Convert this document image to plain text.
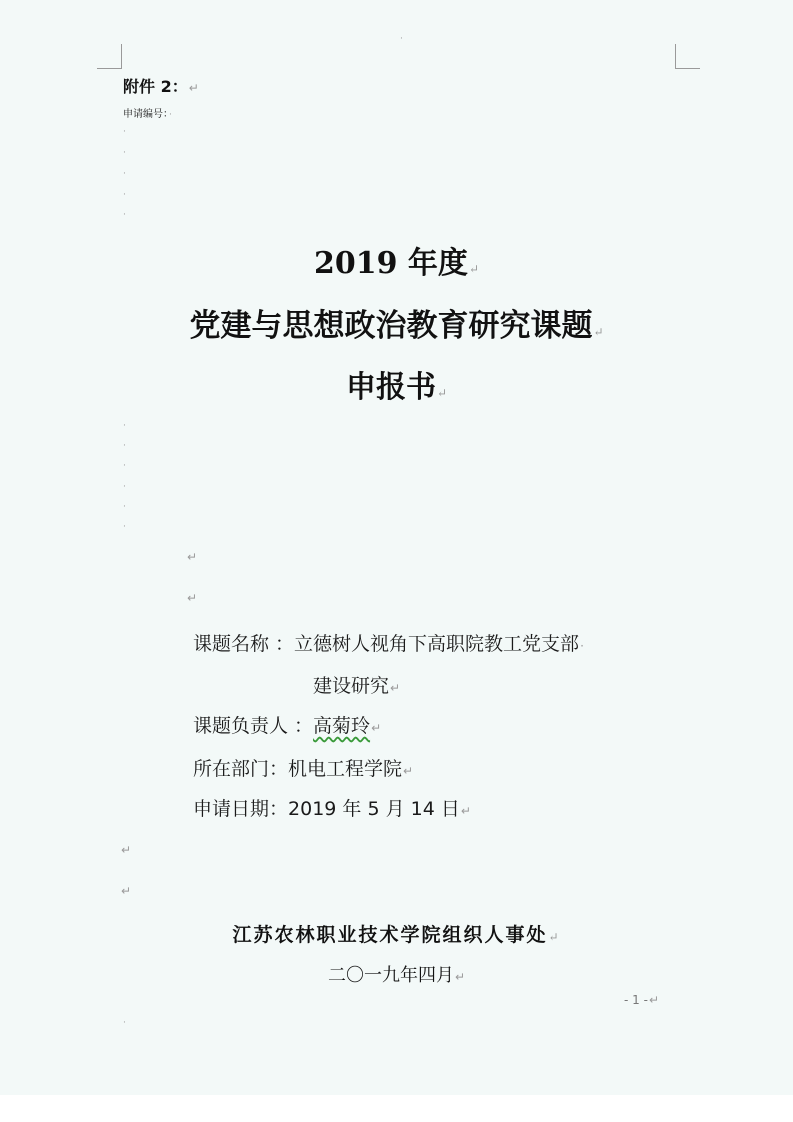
·
附件 2：↵
申请编号：·
·
·
·
·
·
2019 年度↵
党建与思想政治教育研究课题↵
申报书↵
·
·
·
·
·
·
↵
↵
课题名称 ：立德树人视角下高职院教工党支部·
建设研究↵
课题负责人 ：高菊玲↵
所在部门：机电工程学院↵
申请日期：2019 年 5 月 14 日↵
↵
↵
江苏农林职业技术学院组织人事处↵
二〇一九年四月↵
- 1 -↵
·
